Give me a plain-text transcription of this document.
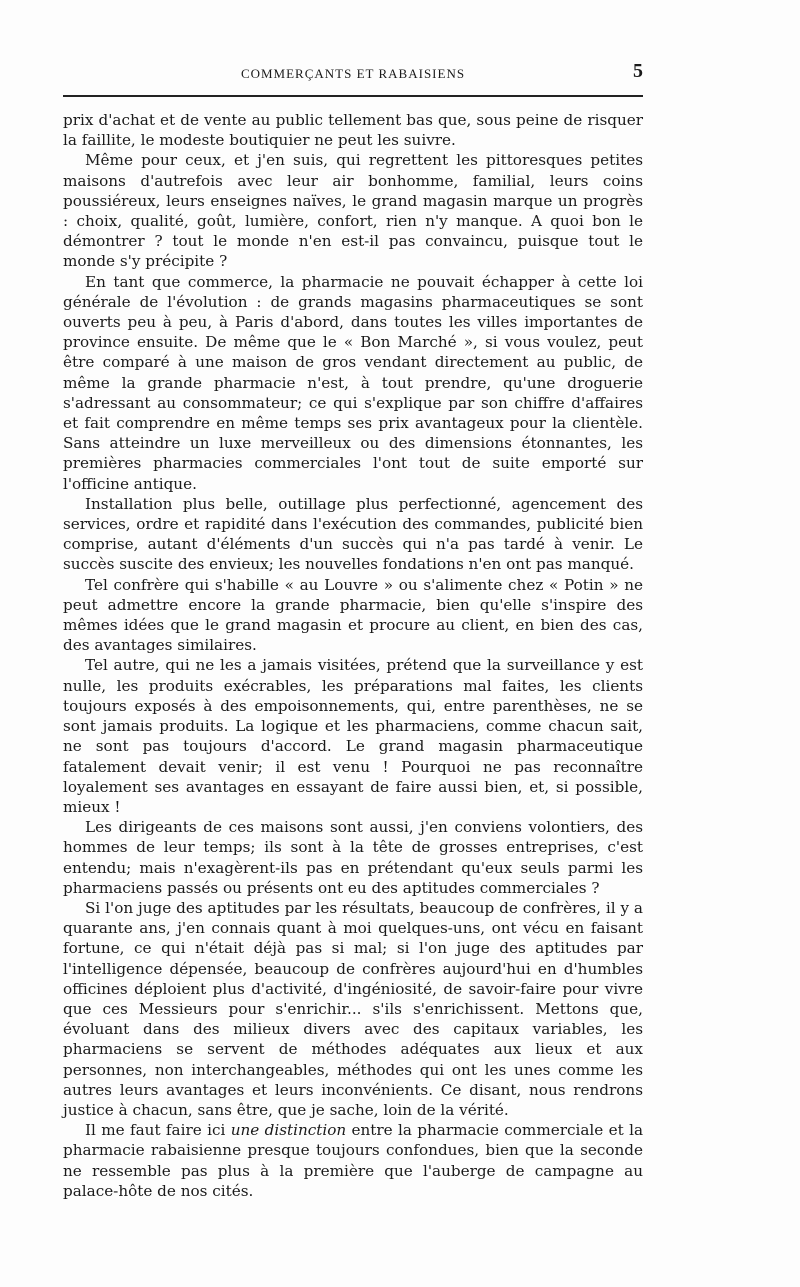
COMMERÇANTS ET RABAISIENS	5

prix d'achat et de vente au public tellement bas que, sous peine de risquer la faillite, le modeste boutiquier ne peut les suivre.

Même pour ceux, et j'en suis, qui regrettent les pittoresques petites maisons d'autrefois avec leur air bonhomme, familial, leurs coins poussiéreux, leurs enseignes naïves, le grand magasin marque un progrès : choix, qualité, goût, lumière, confort, rien n'y manque. A quoi bon le démontrer ? tout le monde n'en est-il pas convaincu, puisque tout le monde s'y précipite ?

En tant que commerce, la pharmacie ne pouvait échapper à cette loi générale de l'évolution : de grands magasins pharmaceutiques se sont ouverts peu à peu, à Paris d'abord, dans toutes les villes importantes de province ensuite. De même que le « Bon Marché », si vous voulez, peut être comparé à une maison de gros vendant directement au public, de même la grande pharmacie n'est, à tout prendre, qu'une droguerie s'adressant au consommateur; ce qui s'explique par son chiffre d'affaires et fait comprendre en même temps ses prix avantageux pour la clientèle. Sans atteindre un luxe merveilleux ou des dimensions étonnantes, les premières pharmacies commerciales l'ont tout de suite emporté sur l'officine antique.

Installation plus belle, outillage plus perfectionné, agencement des services, ordre et rapidité dans l'exécution des commandes, publicité bien comprise, autant d'éléments d'un succès qui n'a pas tardé à venir. Le succès suscite des envieux; les nouvelles fondations n'en ont pas manqué.

Tel confrère qui s'habille « au Louvre » ou s'alimente chez « Potin » ne peut admettre encore la grande pharmacie, bien qu'elle s'inspire des mêmes idées que le grand magasin et procure au client, en bien des cas, des avantages similaires.

Tel autre, qui ne les a jamais visitées, prétend que la surveillance y est nulle, les produits exécrables, les préparations mal faites, les clients toujours exposés à des empoisonnements, qui, entre parenthèses, ne se sont jamais produits. La logique et les pharmaciens, comme chacun sait, ne sont pas toujours d'accord. Le grand magasin pharmaceutique fatalement devait venir; il est venu ! Pourquoi ne pas reconnaître loyalement ses avantages en essayant de faire aussi bien, et, si possible, mieux !

Les dirigeants de ces maisons sont aussi, j'en conviens volontiers, des hommes de leur temps; ils sont à la tête de grosses entreprises, c'est entendu; mais n'exagèrent-ils pas en prétendant qu'eux seuls parmi les pharmaciens passés ou présents ont eu des aptitudes commerciales ?

Si l'on juge des aptitudes par les résultats, beaucoup de confrères, il y a quarante ans, j'en connais quant à moi quelques-uns, ont vécu en faisant fortune, ce qui n'était déjà pas si mal; si l'on juge des aptitudes par l'intelligence dépensée, beaucoup de confrères aujourd'hui en d'humbles officines déploient plus d'activité, d'ingéniosité, de savoir-faire pour vivre que ces Messieurs pour s'enrichir... s'ils s'enrichissent. Mettons que, évoluant dans des milieux divers avec des capitaux variables, les pharmaciens se servent de méthodes adéquates aux lieux et aux personnes, non interchangeables, méthodes qui ont les unes comme les autres leurs avantages et leurs inconvénients. Ce disant, nous rendrons justice à chacun, sans être, que je sache, loin de la vérité.

Il me faut faire ici une distinction entre la pharmacie commerciale et la pharmacie rabaisienne presque toujours confondues, bien que la seconde ne ressemble pas plus à la première que l'auberge de campagne au palace-hôte de nos cités.
